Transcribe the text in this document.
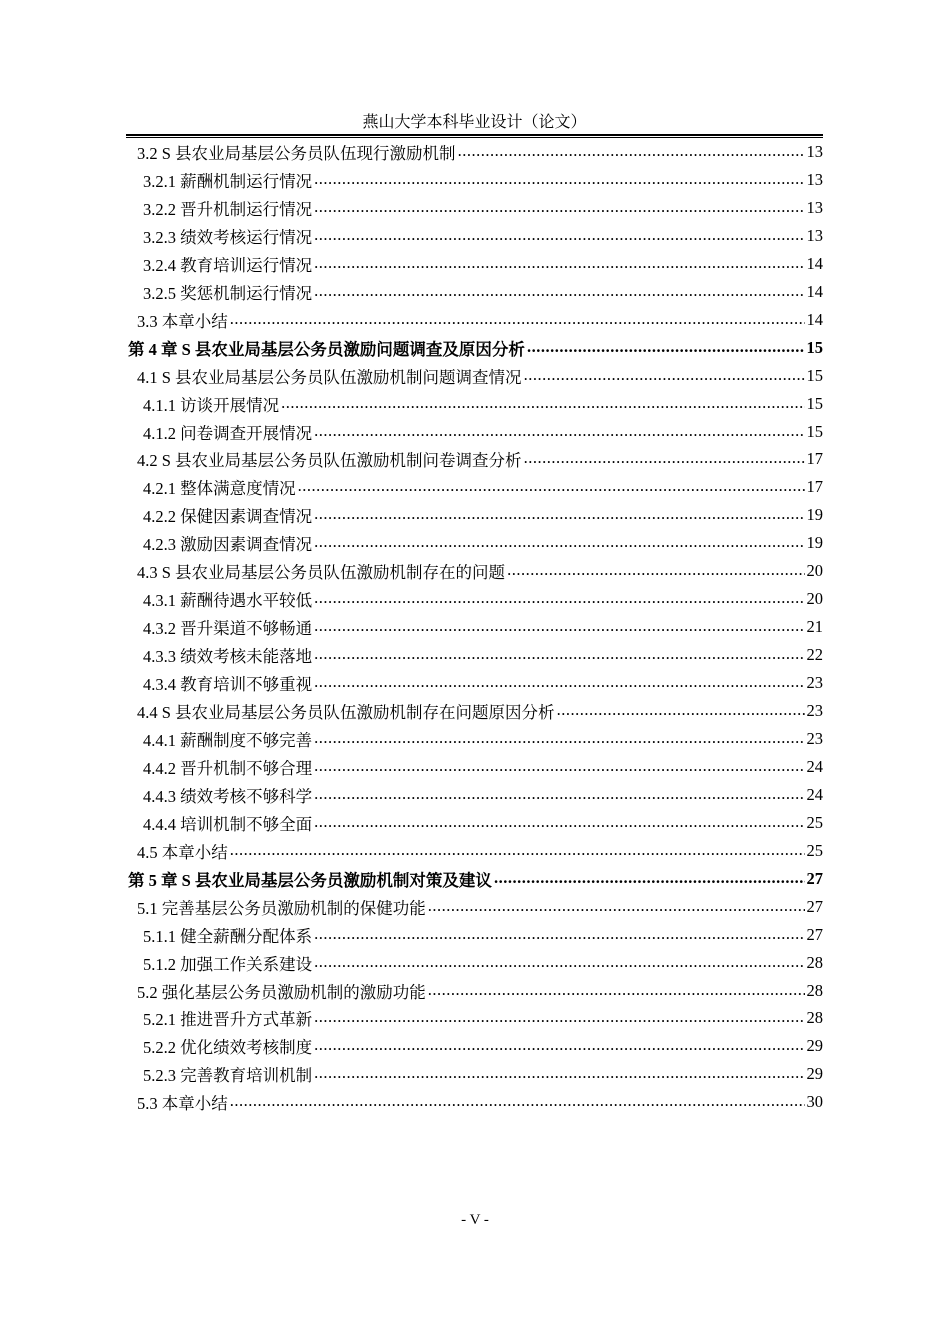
燕山大学本科毕业设计（论文）
3.2 S 县农业局基层公务员队伍现行激励机制 .....	13
3.2.1 薪酬机制运行情况 .....	13
3.2.2 晋升机制运行情况 .....	13
3.2.3 绩效考核运行情况 .....	13
3.2.4 教育培训运行情况 .....	14
3.2.5 奖惩机制运行情况 .....	14
3.3 本章小结 .....	14
第 4 章 S 县农业局基层公务员激励问题调查及原因分析 .....	15
4.1 S 县农业局基层公务员队伍激励机制问题调查情况 .....	15
4.1.1 访谈开展情况 .....	15
4.1.2 问卷调查开展情况 .....	15
4.2 S 县农业局基层公务员队伍激励机制问卷调查分析 .....	17
4.2.1 整体满意度情况 .....	17
4.2.2 保健因素调查情况 .....	19
4.2.3 激励因素调查情况 .....	19
4.3 S 县农业局基层公务员队伍激励机制存在的问题 .....	20
4.3.1 薪酬待遇水平较低 .....	20
4.3.2 晋升渠道不够畅通 .....	21
4.3.3 绩效考核未能落地 .....	22
4.3.4 教育培训不够重视 .....	23
4.4 S 县农业局基层公务员队伍激励机制存在问题原因分析 .....	23
4.4.1 薪酬制度不够完善 .....	23
4.4.2 晋升机制不够合理 .....	24
4.4.3 绩效考核不够科学 .....	24
4.4.4 培训机制不够全面 .....	25
4.5 本章小结 .....	25
第 5 章 S 县农业局基层公务员激励机制对策及建议 .....	27
5.1 完善基层公务员激励机制的保健功能 .....	27
5.1.1 健全薪酬分配体系 .....	27
5.1.2 加强工作关系建设 .....	28
5.2 强化基层公务员激励机制的激励功能 .....	28
5.2.1 推进晋升方式革新 .....	28
5.2.2 优化绩效考核制度 .....	29
5.2.3 完善教育培训机制 .....	29
5.3 本章小结 .....	30
- V -
